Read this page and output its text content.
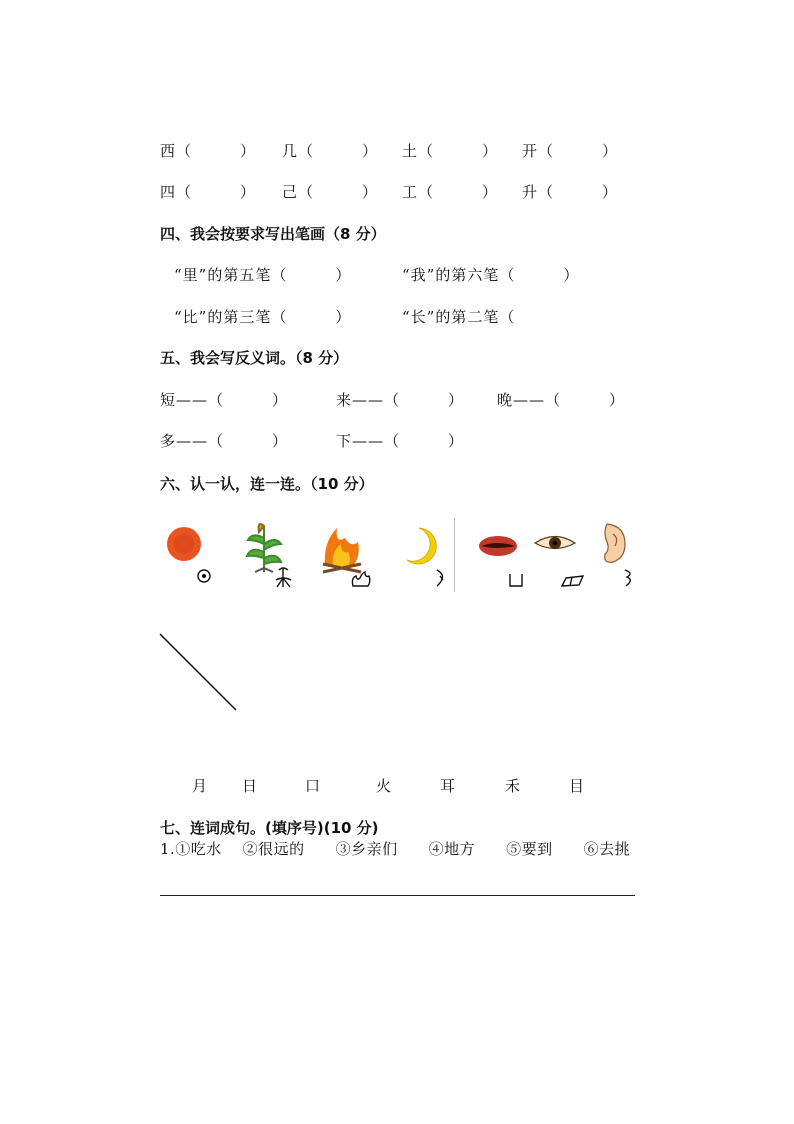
西（　　　） 几（　　　） 土（　　　） 开（　　　）
四（　　　） 己（　　　） 工（　　　） 升（　　　）
四、我会按要求写出笔画（8 分）
“里”的第五笔（　　　）	“我”的第六笔（　　　）
“比”的第三笔（　　　）	“长”的第二笔（
五、我会写反义词。（8 分）
短——（　　　）	来——（　　　） 晚——（　　　）
多——（　　　）	下——（　　　）
六、认一认，连一连。（10 分）
月 日	口	火	耳	禾	目
七、连词成句。(填序号)(10 分)
1.①吃水　 ②很远的　　③乡亲们　　④地方　　⑤要到　　⑥去挑
